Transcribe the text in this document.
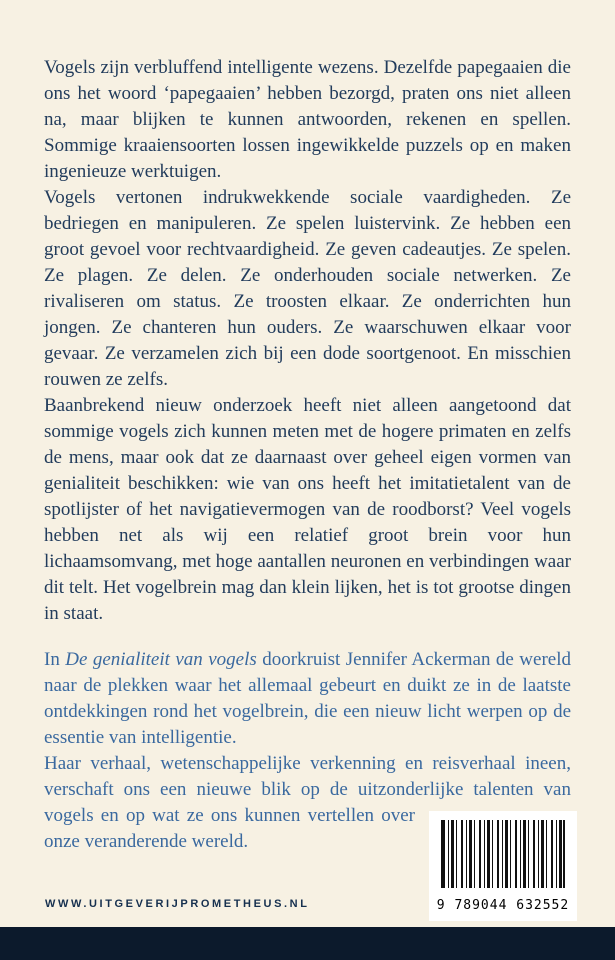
Vogels zijn verbluffend intelligente wezens. Dezelfde papegaaien die ons het woord ‘papegaaien’ hebben bezorgd, praten ons niet alleen na, maar blijken te kunnen antwoorden, rekenen en spellen. Sommige kraaiensoorten lossen ingewikkelde puzzels op en maken ingenieuze werktuigen.

Vogels vertonen indrukwekkende sociale vaardigheden. Ze bedriegen en manipuleren. Ze spelen luistervink. Ze hebben een groot gevoel voor rechtvaardigheid. Ze geven cadeautjes. Ze spelen. Ze plagen. Ze delen. Ze onderhouden sociale netwerken. Ze rivaliseren om status. Ze troosten elkaar. Ze onderrichten hun jongen. Ze chanteren hun ouders. Ze waarschuwen elkaar voor gevaar. Ze verzamelen zich bij een dode soortgenoot. En misschien rouwen ze zelfs.

Baanbrekend nieuw onderzoek heeft niet alleen aangetoond dat sommige vogels zich kunnen meten met de hogere primaten en zelfs de mens, maar ook dat ze daarnaast over geheel eigen vormen van genialiteit beschikken: wie van ons heeft het imitatietalent van de spotlijster of het navigatievermogen van de roodborst? Veel vogels hebben net als wij een relatief groot brein voor hun lichaamsomvang, met hoge aantallen neuronen en verbindingen waar dit telt. Het vogelbrein mag dan klein lijken, het is tot grootse dingen in staat.

9 789044 632552

In De genialiteit van vogels doorkruist Jennifer Ackerman de wereld naar de plekken waar het allemaal gebeurt en duikt ze in de laatste ontdekkingen rond het vogelbrein, die een nieuw licht werpen op de essentie van intelligentie.

Haar verhaal, wetenschappelijke verkenning en reisverhaal ineen, verschaft ons een nieuwe blik op de uitzonderlijke talenten van vogels en op wat ze ons kunnen vertellen over onze veranderende wereld.

WWW.UITGEVERIJPROMETHEUS.NL
